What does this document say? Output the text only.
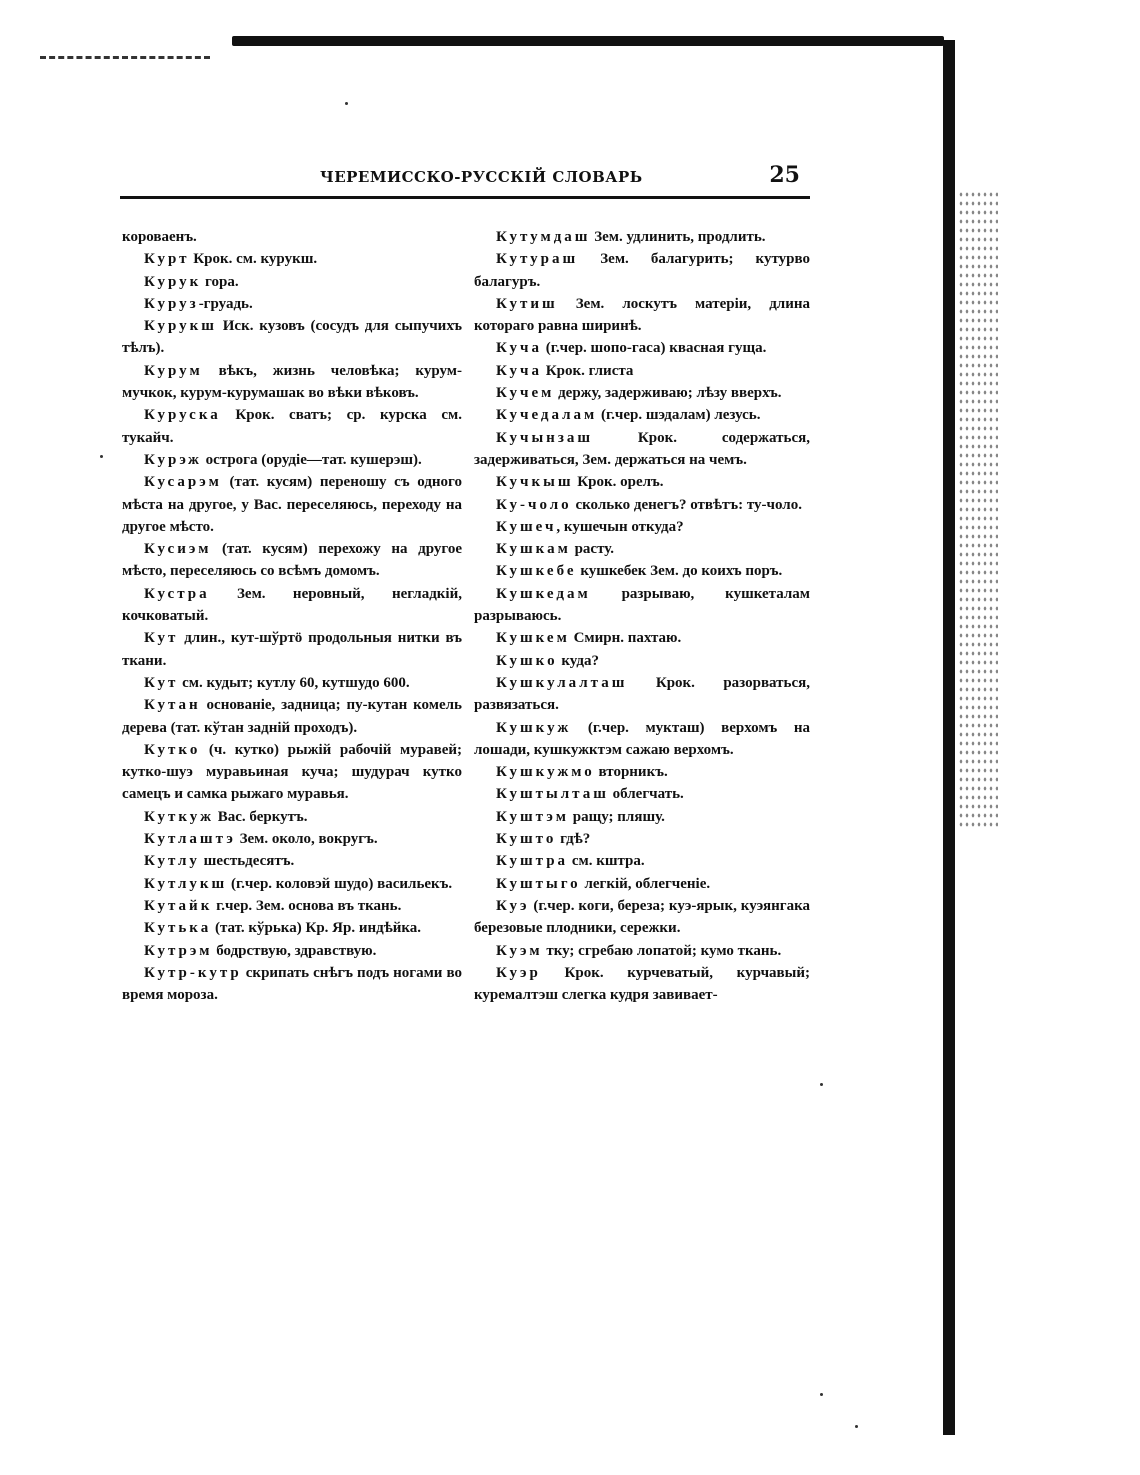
ЧЕРЕМИССКО-РУССКІЙ СЛОВАРЬ	25

коровaенъ.

Курт Крок. см. курукш.

Курук гора.

Куруз-груадь.

Курукш Иск. кузовъ (сосудъ для сыпучихъ тѣлъ).

Курум вѣкъ, жизнь человѣка; курум-мучкок, курум-курумашак во вѣки вѣковъ.

Куруска Крок. сватъ; ср. курска см. тукайч.

Курэж острога (орудіе—тат. кушерэш).

Кусарэм (тат. кусям) переношу съ одного мѣста на другое, у Вас. переселяюсь, переходу на другое мѣсто.

Кусиэм (тат. кусям) перехожу на другое мѣсто, переселяюсь со всѣмъ домомъ.

Кустра Зем. неровный, негладкій, кочковатый.

Кут длин., кут-шўртӧ продольныя нитки въ ткани.

Кут см. кудыт; кутлу 60, кутшудо 600.

Кутан основаніе, задница; пу-кутан комель дерева (тат. кўтан задній проходъ).

Кутко (ч. кутко) рыжій рабочій муравей; кутко-шуэ муравьиная куча; шудурач кутко самецъ и самка рыжаго муравья.

Куткуж Вас. беркутъ.

Кутлаштэ Зем. около, вокругъ.

Кутлу шестьдесятъ.

Кутлукш (г.чер. коловэй шудо) васильекъ.

Кутайк г.чер. Зем. основа въ ткань.

Кутька (тат. кўрька) Кр. Яр. индѣйка.

Кутрэм бодрствую, здравствую.

Кутр-кутр скрипать снѣгъ подъ ногами во время мороза.

Кутумдаш Зем. удлинить, продлить.

Кутураш Зем. балагурить; кутурво балагуръ.

Кутиш Зем. лоскутъ матеріи, длина котораго равна ширинѣ.

Куча (г.чер. шопо-гаса) квасная гуща.

Куча Крок. глиста

Кучем держу, задерживаю; лѣзу вверхъ.

Кучедалам (г.чер. шэдалам) лезусь.

Кучынзаш Крок. содержаться, задерживаться, Зем. держаться на чемъ.

Кучкыш Крок. орелъ.

Ку-чоло сколько денегъ? отвѣтъ: ту-чоло.

Кушеч, кушечын откуда?

Кушкам расту.

Кушкебе кушкебек Зем. до коихъ поръ.

Кушкедам разрываю, кушкеталам разрываюсь.

Кушкем Смирн. пахтаю.

Кушко куда?

Кушкулалташ Крок. разорваться, развязаться.

Кушкуж (г.чер. мукташ) верхомъ на лошади, кушкужктэм сажаю верхомъ.

Кушкужмо вторникъ.

Куштылташ облегчать.

Куштэм ращу; пляшу.

Кушто гдѣ?

Куштра см. кштра.

Куштыго легкій, облегченіе.

Куэ (г.чер. коги, береза; куэ-ярык, куэянгака березовые плодники, сережки.

Куэм тку; сгребаю лопатой; кумо ткань.

Куэр Крок. курчеватый, курчавый; куремалтэш слегка кудря завивает-
